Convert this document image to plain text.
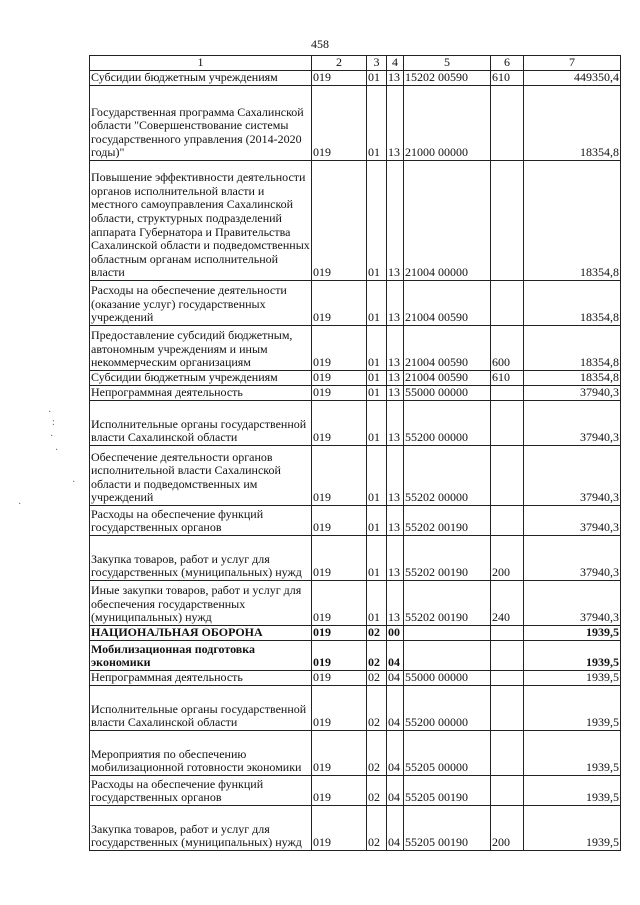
458
1	2	3	4	5	6	7
Субсидии бюджетным учреждениям	019	01	13	15202 00590	610	449350,4
Государственная программа Сахалинской области "Совершенствование системы государственного управления (2014-2020 годы)"	019	01	13	21000 00000		18354,8
Повышение эффективности деятельности органов исполнительной власти и местного самоуправления Сахалинской области, структурных подразделений аппарата Губернатора и Правительства Сахалинской области и подведомственных областным органам исполнительной власти	019	01	13	21004 00000		18354,8
Расходы на обеспечение деятельности (оказание услуг) государственных учреждений	019	01	13	21004 00590		18354,8
Предоставление субсидий бюджетным, автономным учреждениям и иным некоммерческим организациям	019	01	13	21004 00590	600	18354,8
Субсидии бюджетным учреждениям	019	01	13	21004 00590	610	18354,8
Непрограммная деятельность	019	01	13	55000 00000		37940,3
Исполнительные органы государственной власти Сахалинской области	019	01	13	55200 00000		37940,3
Обеспечение деятельности органов исполнительной власти Сахалинской области и подведомственных им учреждений	019	01	13	55202 00000		37940,3
Расходы на обеспечение функций государственных органов	019	01	13	55202 00190		37940,3
Закупка товаров, работ и услуг для государственных (муниципальных) нужд	019	01	13	55202 00190	200	37940,3
Иные закупки товаров, работ и услуг для обеспечения государственных (муниципальных) нужд	019	01	13	55202 00190	240	37940,3
НАЦИОНАЛЬНАЯ ОБОРОНА	019	02	00			1939,5
Мобилизационная подготовка экономики	019	02	04			1939,5
Непрограммная деятельность	019	02	04	55000 00000		1939,5
Исполнительные органы государственной власти Сахалинской области	019	02	04	55200 00000		1939,5
Мероприятия по обеспечению мобилизационной готовности экономики	019	02	04	55205 00000		1939,5
Расходы на обеспечение функций государственных органов	019	02	04	55205 00190		1939,5
Закупка товаров, работ и услуг для государственных (муниципальных) нужд	019	02	04	55205 00190	200	1939,5
·
:
·
·
·
·
